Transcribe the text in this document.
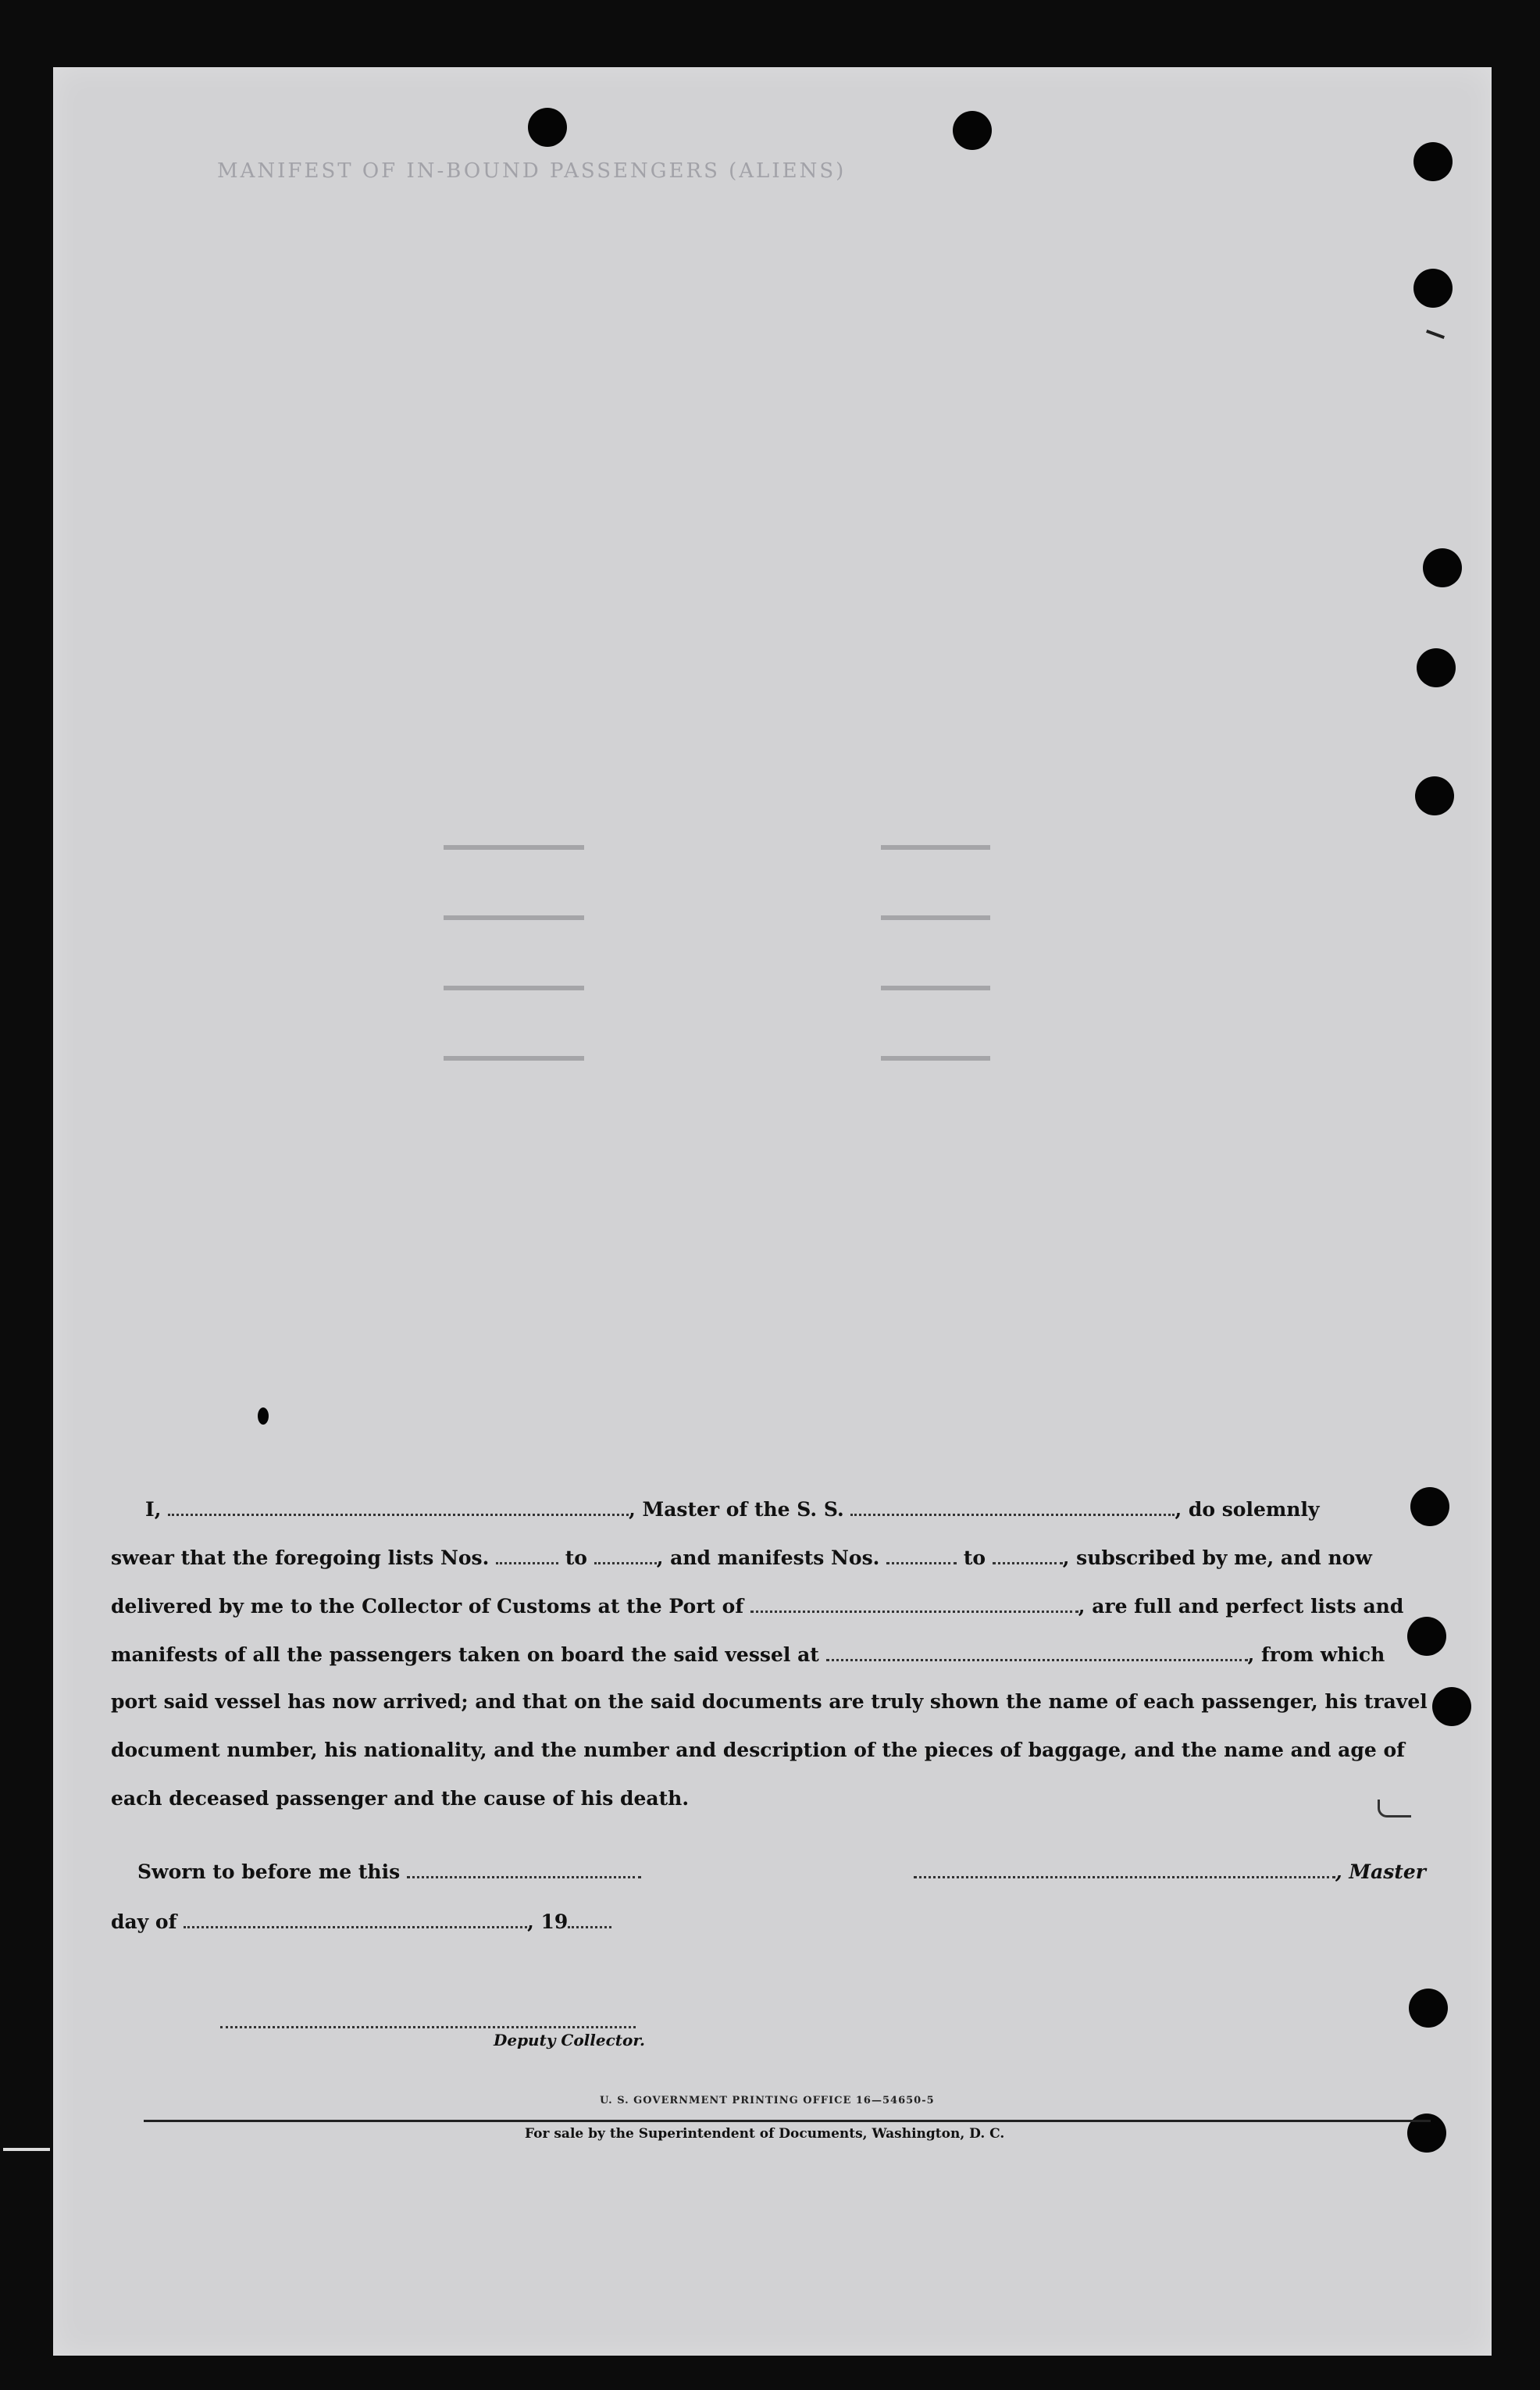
MANIFEST OF IN-BOUND PASSENGERS (ALIENS)
I,	, Master of the S. S.	, do solemnly
swear that the foregoing lists Nos.	to	, and manifests Nos.	to	, subscribed by me, and now
delivered by me to the Collector of Customs at the Port of	, are full and perfect lists and
manifests of all the passengers taken on board the said vessel at	, from which
port said vessel has now arrived; and that on the said documents are truly shown the name of each passenger, his travel
document number, his nationality, and the number and description of the pieces of baggage, and the name and age of
each deceased passenger and the cause of his death.
Sworn to before me this	, Master
day of	, 19
Deputy Collector.
U. S. GOVERNMENT PRINTING OFFICE 16—54650-5
For sale by the Superintendent of Documents, Washington, D. C.
